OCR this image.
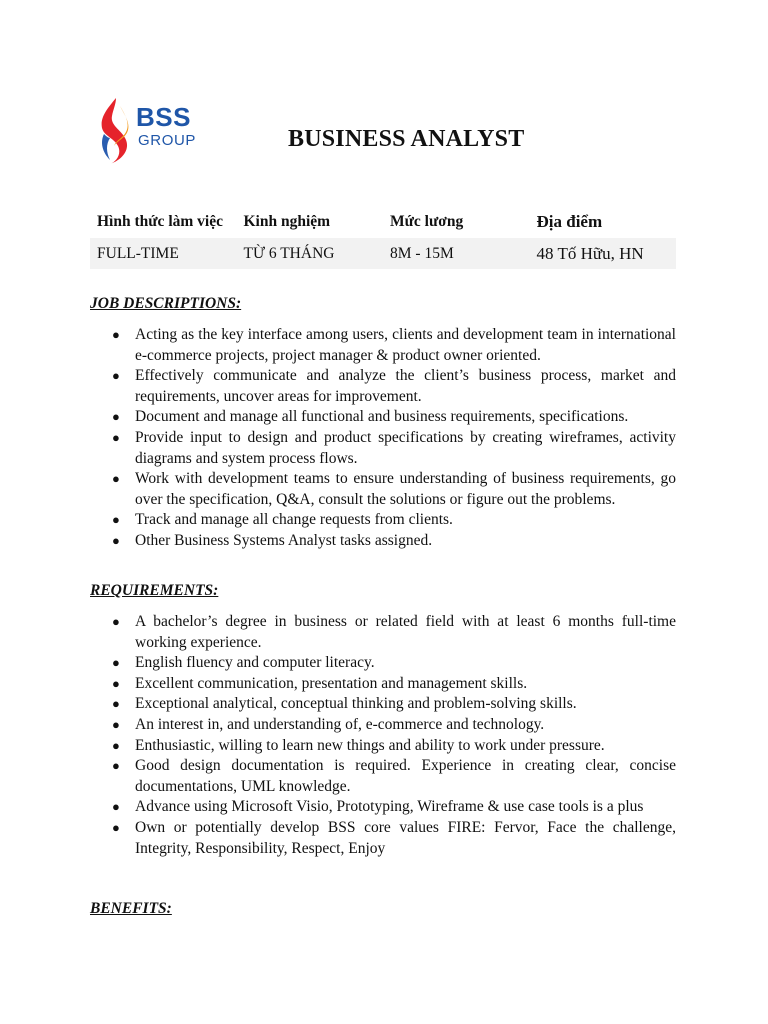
BSS
GROUP	BUSINESS ANALYST
Hình thức làm việc	Kinh nghiệm	Mức lương	Địa điểm
FULL-TIME	TỪ 6 THÁNG	8M - 15M	48 Tố Hữu, HN
JOB DESCRIPTIONS:
● Acting as the key interface among users, clients and development team in international e-commerce projects, project manager & product owner oriented.
● Effectively communicate and analyze the client’s business process, market and requirements, uncover areas for improvement.
● Document and manage all functional and business requirements, specifications.
● Provide input to design and product specifications by creating wireframes, activity diagrams and system process flows.
● Work with development teams to ensure understanding of business requirements, go over the specification, Q&A, consult the solutions or figure out the problems.
● Track and manage all change requests from clients.
● Other Business Systems Analyst tasks assigned.
REQUIREMENTS:
● A bachelor’s degree in business or related field with at least 6 months full-time working experience.
● English fluency and computer literacy.
● Excellent communication, presentation and management skills.
● Exceptional analytical, conceptual thinking and problem-solving skills.
● An interest in, and understanding of, e-commerce and technology.
● Enthusiastic, willing to learn new things and ability to work under pressure.
● Good design documentation is required. Experience in creating clear, concise documentations, UML knowledge.
● Advance using Microsoft Visio, Prototyping, Wireframe & use case tools is a plus
● Own or potentially develop BSS core values FIRE: Fervor, Face the challenge, Integrity, Responsibility, Respect, Enjoy
BENEFITS:
